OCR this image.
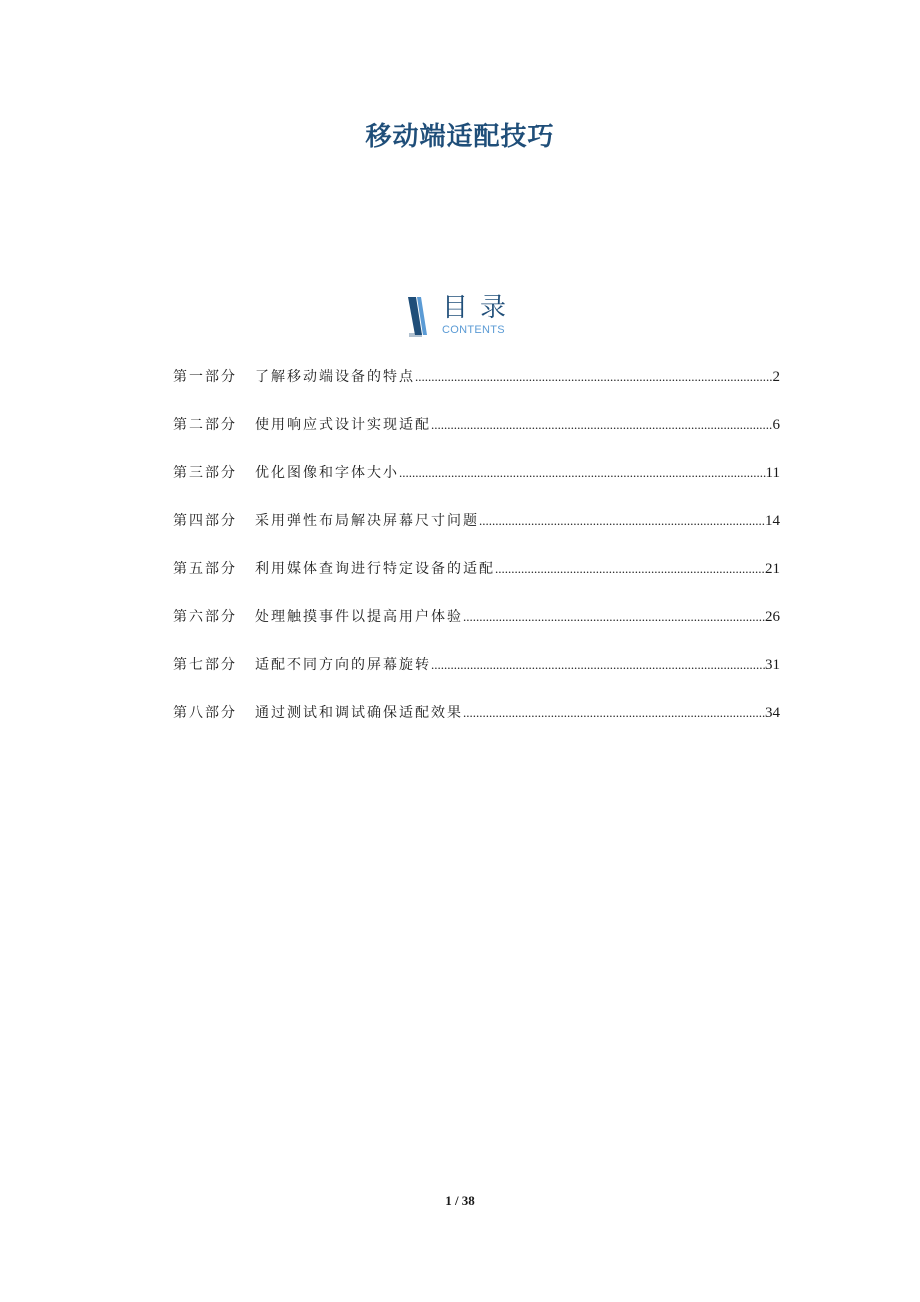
移动端适配技巧
目录
CONTENTS
第一部分	了解移动端设备的特点 .....	2
第二部分	使用响应式设计实现适配 .....	6
第三部分	优化图像和字体大小 .....	11
第四部分	采用弹性布局解决屏幕尺寸问题 .....	14
第五部分	利用媒体查询进行特定设备的适配 .....	21
第六部分	处理触摸事件以提高用户体验 .....	26
第七部分	适配不同方向的屏幕旋转 .....	31
第八部分	通过测试和调试确保适配效果 .....	34
1 / 38
